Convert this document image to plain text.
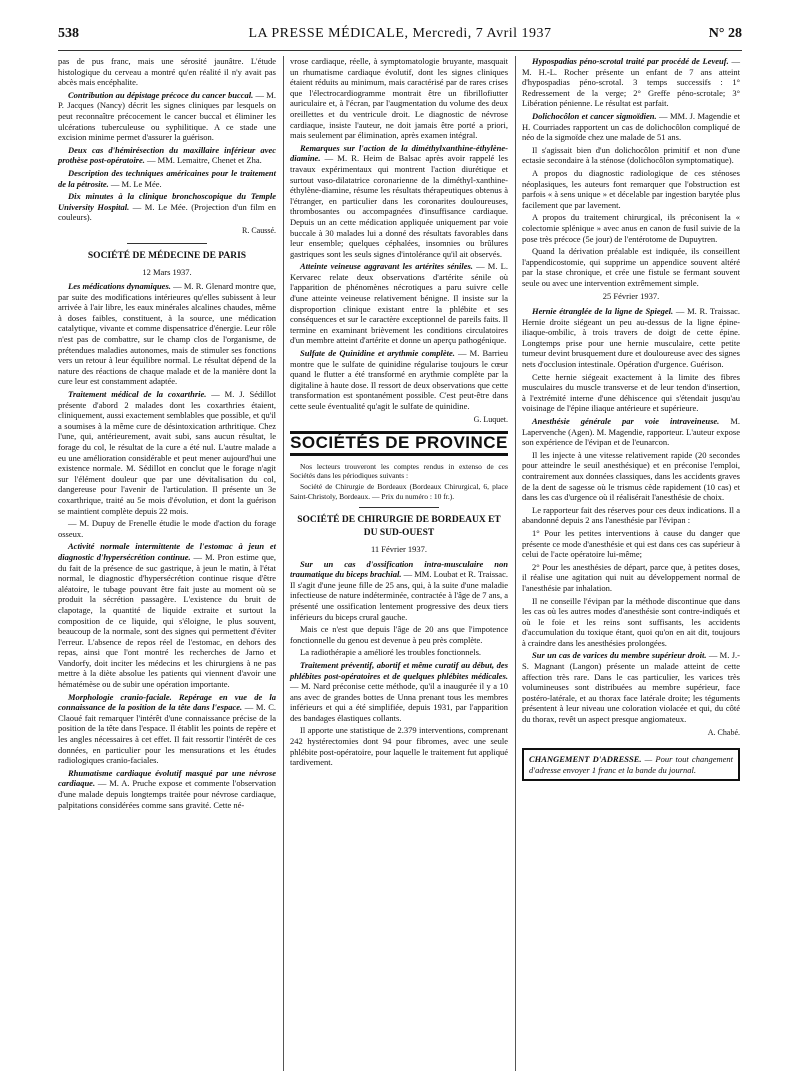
538	LA PRESSE MÉDICALE, Mercredi, 7 Avril 1937	N° 28

pas de pus franc, mais une sérosité jaunâtre. L'étude histologique du cerveau a montré qu'en réalité il n'y avait pas abcès mais encéphalite.

Contribution au dépistage précoce du cancer buccal. — M. P. Jacques (Nancy) décrit les signes cliniques par lesquels on peut reconnaître précocement le cancer buccal et éliminer les ulcérations tuberculeuse ou syphilitique. A ce stade une excision minime permet d'assurer la guérison.

Deux cas d'hémirésection du maxillaire inférieur avec prothèse post-opératoire. — MM. Lemaitre, Chenet et Zha.

Description des techniques américaines pour le traitement de la pétrosite. — M. Le Mée.

Dix minutes à la clinique bronchoscopique du Temple University Hospital. — M. Le Mée. (Projection d'un film en couleurs).

R. Caussé.
SOCIÉTÉ DE MÉDECINE DE PARIS
12 Mars 1937.

Les médications dynamiques. — M. R. Glenard montre que, par suite des modifications intérieures qu'elles subissent à leur arrivée à l'air libre, les eaux minérales alcalines chaudes, même à doses faibles, constituent, à la source, une médication catalytique, vivante et comme dispensatrice d'énergie. Leur rôle n'est pas de combattre, sur le champ clos de l'organisme, de prétendues maladies autonomes, mais de stimuler ses fonctions vers un retour à leur équilibre normal. Le résultat dépend de la nature des réactions de chaque malade et de la manière dont la cure leur est constamment adaptée.

Traitement médical de la coxarthrie. — M. J. Sédillot présente d'abord 2 malades dont les coxarthries étaient, cliniquement, aussi exactement semblables que possible, et qu'il a soumises à la même cure de désintoxication arthritique. Chez l'une, qui, antérieurement, avait subi, sans aucun résultat, le forage du col, le résultat de la cure a été nul. L'autre malade a eu une amélioration considérable et peut mener aujourd'hui une existence normale. M. Sédillot en conclut que le forage n'agit sur l'élément douleur que par une dévitalisation du col, dangereuse pour l'avenir de l'articulation. Il présente un 3e coxarthrique, traité au 5e mois d'évolution, et dont la guérison se maintient complète depuis 22 mois.

— M. Dupuy de Frenelle étudie le mode d'action du forage osseux.

Activité normale intermittente de l'estomac à jeun et diagnostic d'hypersécrétion continue. — M. Pron estime que, du fait de la présence de suc gastrique, à jeun le matin, à l'état normal, le diagnostic d'hypersécrétion continue risque d'être aléatoire, le tubage pouvant être fait juste au moment où se produit la sécrétion passagère. L'existence du bruit de clapotage, la quantité de liquide extraite et surtout la composition de ce liquide, qui s'éloigne, le plus souvent, beaucoup de la normale, sont des signes qui permettent d'éviter l'erreur. L'absence de repos réel de l'estomac, en dehors des repas, ainsi que l'ont montré les recherches de Jarno et Vandorfy, doit inciter les médecins et les chirurgiens à ne pas mettre à la diète absolue les patients qui viennent d'avoir une hématémèse ou de subir une opération importante.

Morphologie cranio-faciale. Repérage en vue de la connaissance de la position de la tête dans l'espace. — M. C. Claoué fait remarquer l'intérêt d'une connaissance précise de la position de la tête dans l'espace. Il établit les points de repère et les angles nécessaires à cet effet. Il fait ressortir l'intérêt de ces données, en particulier pour les mensurations et les études radiologiques cranio-faciales.

Rhumatisme cardiaque évolutif masqué par une névrose cardiaque. — M. A. Pruche expose et commente l'observation d'une malade depuis longtemps traitée pour névrose cardiaque, palpitations considérées comme sans gravité. Cette né-

vrose cardiaque, réelle, à symptomatologie bruyante, masquait un rhumatisme cardiaque évolutif, dont les signes cliniques étaient réduits au minimum, mais caractérisé par de rares crises que l'électrocardiogramme montrait être un fibrillofiutter auriculaire et, à l'écran, par l'augmentation du volume des deux oreillettes et du ventricule droit. Le diagnostic de névrose cardiaque, insiste l'auteur, ne doit jamais être porté a priori, mais seulement par élimination, après examen intégral.

Remarques sur l'action de la diméthylxanthine-éthylène-diamine. — M. R. Heim de Balsac après avoir rappelé les travaux expérimentaux qui montrent l'action diurétique et surtout vaso-dilatatrice coronarienne de la diméthyl-xanthine-éthylène-diamine, résume les résultats thérapeutiques obtenus à l'étranger, en particulier dans les coronarites douloureuses, thrombosantes ou accompagnées d'insuffisance cardiaque. Depuis un an cette médication appliquée uniquement par voie buccale à 30 malades lui a donné des résultats favorables dans leur ensemble; quelques céphalées, insomnies ou brûlures gastriques sont les seuls signes d'intolérance qu'il ait observés.

Atteinte veineuse aggravant les artérites séniles. — M. L. Kervarec relate deux observations d'artérite sénile où l'apparition de phénomènes nécrotiques a paru suivre celle d'une atteinte veineuse relativement bénigne. Il insiste sur la disproportion clinique existant entre la phlébite et ses conséquences et sur le caractère exceptionnel de pareils faits. Il termine en examinant brièvement les conditions circulatoires d'un membre atteint d'artérite et donne un aperçu pathogénique.

Sulfate de Quinidine et arythmie complète. — M. Barrieu montre que le sulfate de quinidine régularise toujours le cœur quand le flutter a été transformé en arythmie complète par la digitaline à haute dose. Il ressort de deux observations que cette transformation est spontanément possible. C'est peut-être dans cette seule éventualité qu'agit le sulfate de quinidine.

G. Luquet.
SOCIÉTÉS DE PROVINCE

Nos lecteurs trouveront les comptes rendus in extenso de ces Sociétés dans les périodiques suivants :

Société de Chirurgie de Bordeaux (Bordeaux Chirurgical, 6, place Saint-Christoly, Bordeaux. — Prix du numéro : 10 fr.).

SOCIÉTÉ DE CHIRURGIE DE BORDEAUX ET DU SUD-OUEST
11 Février 1937.

Sur un cas d'ossification intra-musculaire non traumatique du biceps brachial. — MM. Loubat et R. Traissac. Il s'agit d'une jeune fille de 25 ans, qui, à la suite d'une maladie infectieuse de nature indéterminée, contractée à l'âge de 7 ans, a présenté une ossification lentement progressive des deux tiers inférieurs du biceps crural gauche.

Mais ce n'est que depuis l'âge de 20 ans que l'impotence fonctionnelle du genou est devenue à peu près complète.

La radiothérapie a amélioré les troubles fonctionnels.

Traitement préventif, abortif et même curatif au début, des phlébites post-opératoires et de quelques phlébites médicales. — M. Nard préconise cette méthode, qu'il a inaugurée il y a 10 ans avec de grandes bottes de Unna prenant tous les membres inférieurs et qui a été simplifiée, depuis 1931, par l'apparition des bandages élastiques collants.

Il apporte une statistique de 2.379 interventions, comprenant 242 hystérectomies dont 94 pour fibromes, avec une seule phlébite post-opératoire, pour laquelle le traitement fut appliqué tardivement.

Hypospadias péno-scrotal traité par procédé de Leveuf. — M. H.-L. Rocher présente un enfant de 7 ans atteint d'hypospadias péno-scrotal. 3 temps successifs : 1° Redressement de la verge; 2° Greffe péno-scrotale; 3° Libération pénienne. Le résultat est parfait.

Dolichocôlon et cancer sigmoïdien. — MM. J. Magendie et H. Courriades rapportent un cas de dolichocôlon compliqué de néo de la sigmoïde chez une malade de 51 ans.

Il s'agissait bien d'un dolichocôlon primitif et non d'une ectasie secondaire à la sténose (dolichocôlon symptomatique).

A propos du diagnostic radiologique de ces sténoses néoplasiques, les auteurs font remarquer que l'obstruction est parfois « à sens unique » et décelable par ingestion barytée plus facilement que par lavement.

A propos du traitement chirurgical, ils préconisent la « colectomie splénique » avec anus en canon de fusil suivie de la pose très précoce (5e jour) de l'entérotome de Dupuytren.

Quand la dérivation préalable est indiquée, ils conseillent l'appendicostomie, qui supprime un appendice souvent altéré par la stase chronique, et crée une fistule se fermant souvent seule ou avec une intervention extrêmement simple.

25 Février 1937.

Hernie étranglée de la ligne de Spiegel. — M. R. Traissac. Hernie droite siégeant un peu au-dessus de la ligne épine-iliaque-ombilic, à trois travers de doigt de cette épine. Longtemps prise pour une hernie musculaire, cette petite tumeur devint brusquement dure et douloureuse avec des signes nets d'occlusion intestinale. Opération d'urgence. Guérison.

Cette hernie siégeait exactement à la limite des fibres musculaires du muscle transverse et de leur tendon d'insertion, à l'extrémité interne d'une déhiscence qui s'étendait jusqu'au voisinage de l'épine iliaque antérieure et supérieure.

Anesthésie générale par voie intraveineuse. M. Lapervenche (Agen). M. Magendie, rapporteur. L'auteur expose son expérience de l'évipan et de l'eunarcon.

Il les injecte à une vitesse relativement rapide (20 secondes pour atteindre le seuil anesthésique) et en préconise l'emploi, contrairement aux données classiques, dans les accidents graves de la dent de sagesse où le trismus cède rapidement (10 cas) et dans les cas d'urgence où il réalisérait l'anesthésie de choix.

Le rapporteur fait des réserves pour ces deux indications. Il a abandonné depuis 2 ans l'anesthésie par l'évipan :

1° Pour les petites interventions à cause du danger que présente ce mode d'anesthésie et qui est dans ces cas supérieur à celui de l'acte opératoire lui-même;

2° Pour les anesthésies de départ, parce que, à petites doses, il réalise une agitation qui nuit au développement normal de l'anesthésie par inhalation.

Il ne conseille l'évipan par la méthode discontinue que dans les cas où les autres modes d'anesthésie sont contre-indiqués et où le foie et les reins sont suffisants, les accidents d'accumulation du toxique étant, quoi qu'on en ait dit, toujours à craindre dans les anesthésies prolongées.

Sur un cas de varices du membre supérieur droit. — M. J.-S. Magnant (Langon) présente un malade atteint de cette affection très rare. Dans le cas particulier, les varices très volumineuses sont distribuées au membre supérieur, face postéro-latérale, et au thorax face latérale droite; les téguments présentent à leur niveau une coloration violacée et qui, du côté du thorax, revêt un aspect presque angiomateux.

A. Chabé.
CHANGEMENT D'ADRESSE. — Pour tout changement d'adresse envoyer 1 franc et la bande du journal.
